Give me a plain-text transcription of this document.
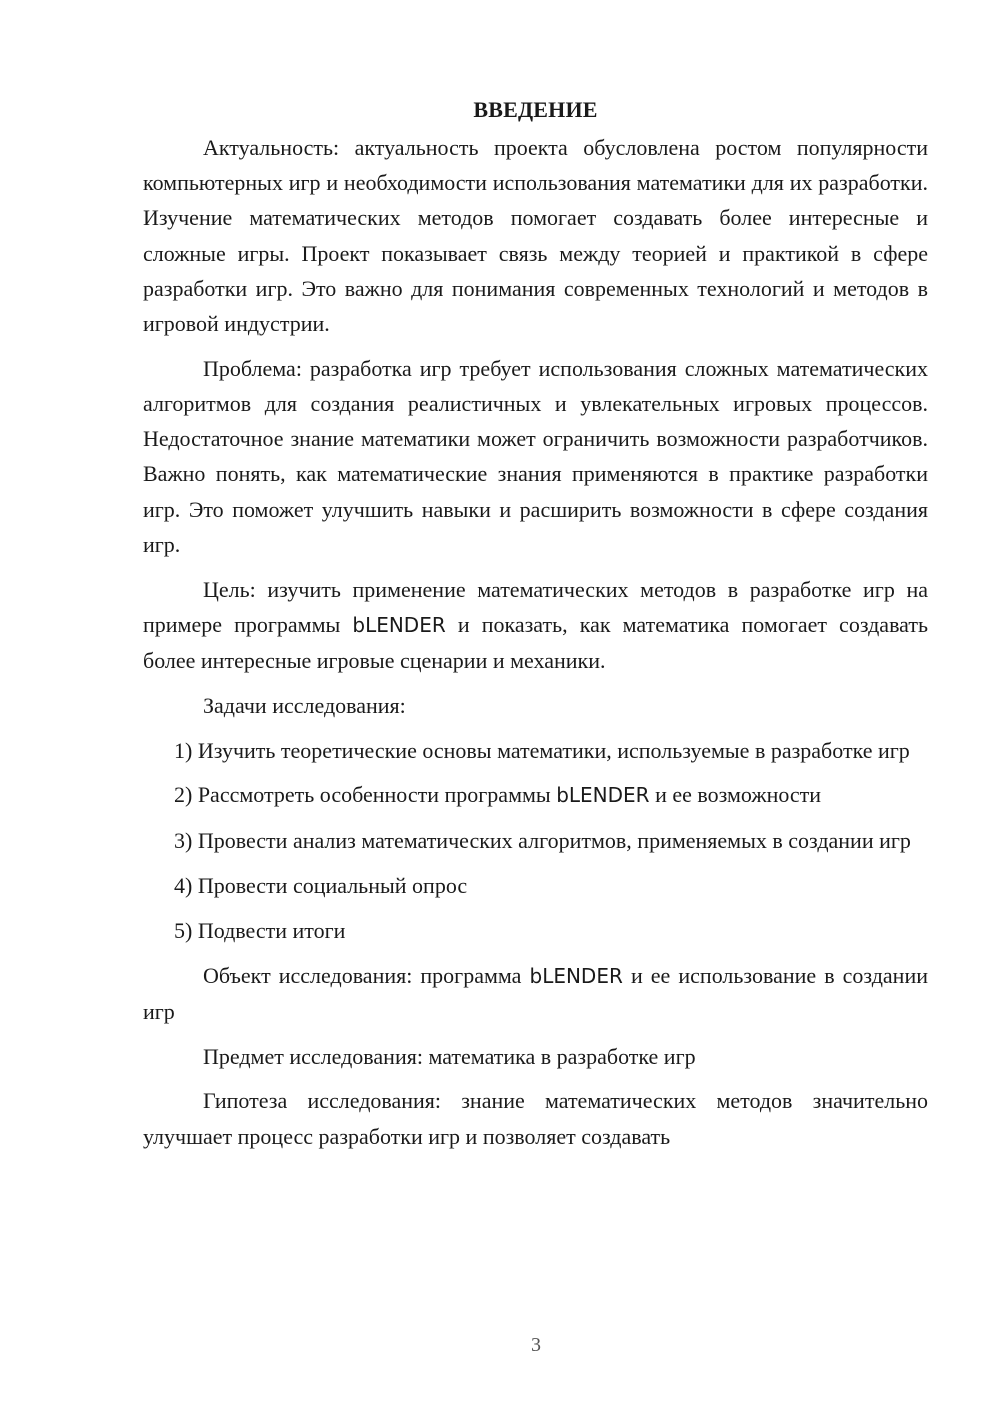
ВВЕДЕНИЕ

Актуальность: актуальность проекта обусловлена ростом популярности компьютерных игр и необходимости использования математики для их разработки. Изучение математических методов помогает создавать более интересные и сложные игры. Проект показывает связь между теорией и практикой в сфере разработки игр. Это важно для понимания современных технологий и методов в игровой индустрии.

Проблема: разработка игр требует использования сложных математических алгоритмов для создания реалистичных и увлекательных игровых процессов. Недостаточное знание математики может ограничить возможности разработчиков. Важно понять, как математические знания применяются в практике разработки игр. Это поможет улучшить навыки и расширить возможности в сфере создания игр.

Цель: изучить применение математических методов в разработке игр на примере программы bLENDER и показать, как математика помогает создавать более интересные игровые сценарии и механики.

Задачи исследования:

1) Изучить теоретические основы математики, используемые в разработке игр

2) Рассмотреть особенности программы bLENDER и ее возможности

3) Провести анализ математических алгоритмов, применяемых в создании игр

4) Провести социальный опрос

5) Подвести итоги

Объект исследования: программа bLENDER и ее использование в создании игр

Предмет исследования: математика в разработке игр

Гипотеза исследования: знание математических методов значительно улучшает процесс разработки игр и позволяет создавать

3
